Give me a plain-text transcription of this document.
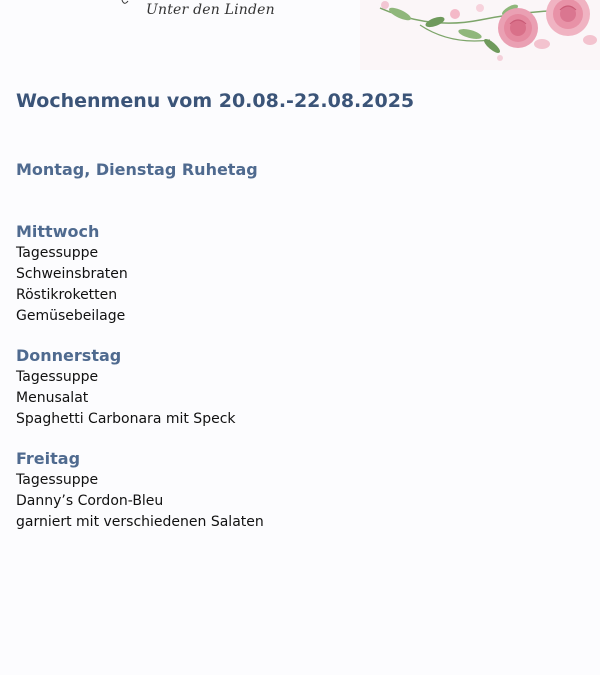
Unter den Linden
Wochenmenu vom 20.08.-22.08.2025
Montag, Dienstag Ruhetag
Mittwoch
Tagessuppe
Schweinsbraten
Röstikroketten
Gemüsebeilage
Donnerstag
Tagessuppe
Menusalat
Spaghetti Carbonara mit Speck
Freitag
Tagessuppe
Danny’s Cordon-Bleu
garniert mit verschiedenen Salaten
